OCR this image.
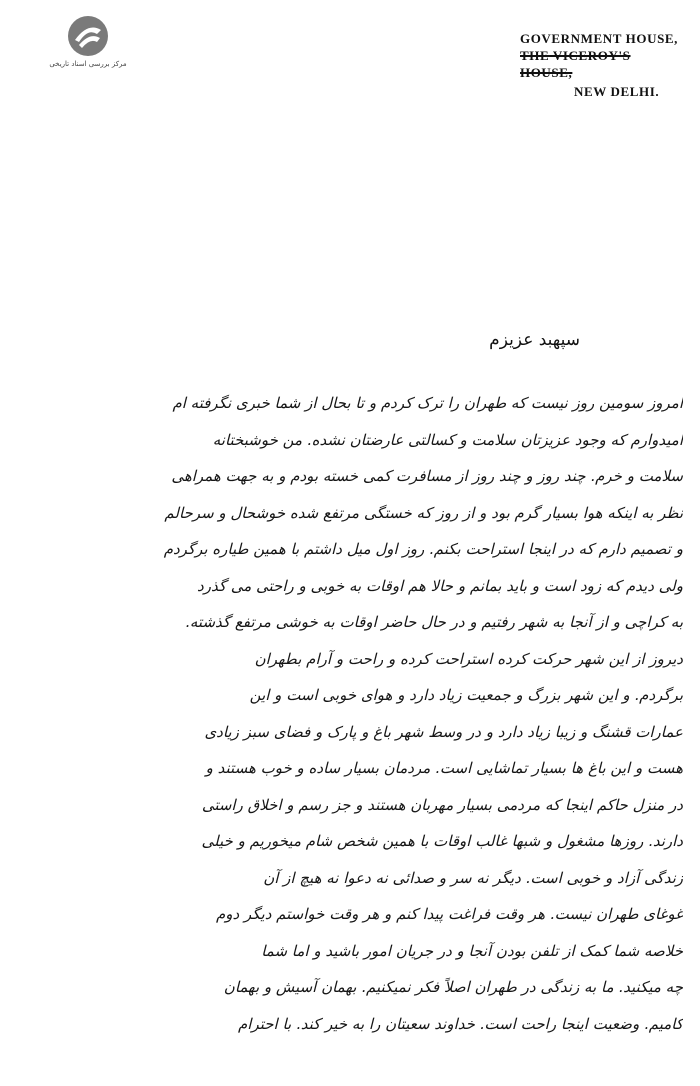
مرکز بررسی اسناد تاریخی
GOVERNMENT HOUSE,
THE VICEROY'S HOUSE,
NEW DELHI.
سپهبد عزیزم
امروز سومین روز نیست که طهران را ترک کردم و تا بحال از شما خبری نگرفته ام
امیدوارم که وجود عزیزتان سلامت و کسالتی عارضتان نشده. من خوشبختانه
سلامت و خرم. چند روز و چند روز از مسافرت کمی خسته بودم و به جهت همراهی
نظر به اینکه هوا بسیار گرم بود و از روز که خستگی مرتفع شده خوشحال و سرحالم
و تصمیم دارم که در اینجا استراحت بکنم. روز اول میل داشتم با همین طیاره برگردم
ولی دیدم که زود است و باید بمانم و حالا هم اوقات به خوبی و راحتی می گذرد
به کراچی و از آنجا به شهر رفتیم و در حال حاضر اوقات به خوشی مرتفع گذشته.
دیروز از این شهر حرکت کرده استراحت کرده و راحت و آرام بطهران
برگردم. و این شهر بزرگ و جمعیت زیاد دارد و هوای خوبی است و این
عمارات قشنگ و زیبا زیاد دارد و در وسط شهر باغ و پارک و فضای سبز زیادی
هست و این باغ ها بسیار تماشایی است. مردمان بسیار ساده و خوب هستند و
در منزل حاکم اینجا که مردمی بسیار مهربان هستند و جز رسم و اخلاق راستی
دارند. روزها مشغول و شبها غالب اوقات با همین شخص شام میخوریم و خیلی
زندگی آزاد و خوبی است. دیگر نه سر و صدائی نه دعوا نه هیچ از آن
غوغای طهران نیست. هر وقت فراغت پیدا کنم و هر وقت خواستم دیگر دوم
خلاصه شما کمک از تلفن بودن آنجا و در جریان امور باشید و اما شما
چه میکنید. ما به زندگی در طهران اصلاً فکر نمیکنیم. بهمان آسیش و بهمان
کامیم. وضعیت اینجا راحت است. خداوند سعیتان را به خیر کند. با احترام
